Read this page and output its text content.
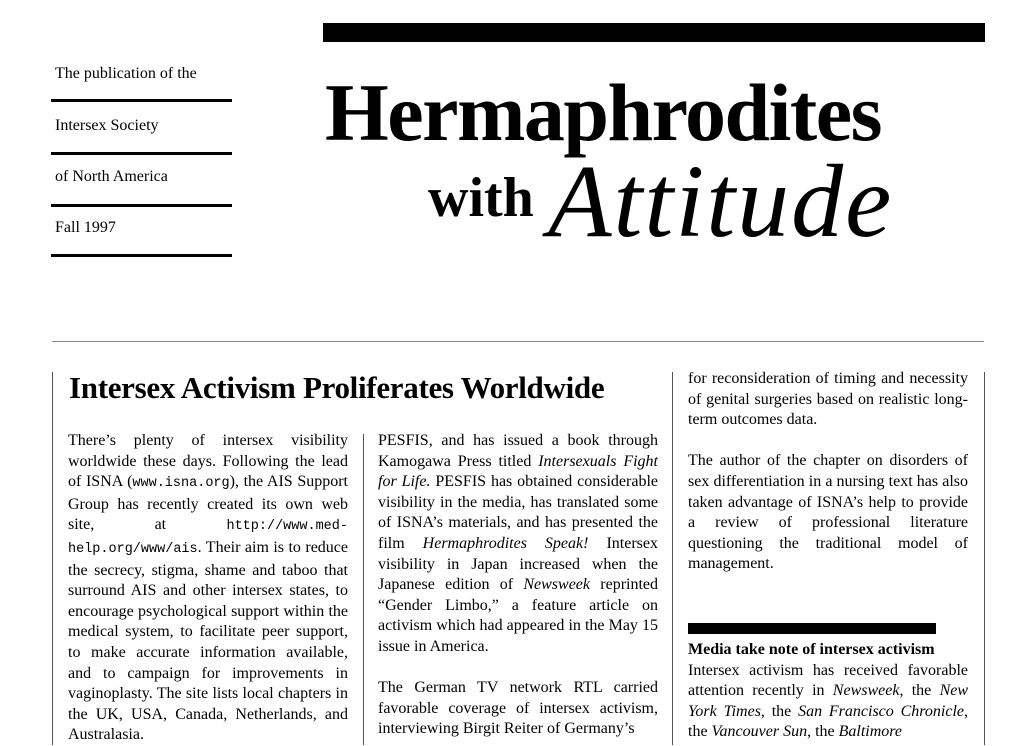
The publication of the
Intersex Society
of North America
Fall 1997
Hermaphrodites
with Attitude
Intersex Activism Proliferates Worldwide

There’s plenty of intersex visibility worldwide these days. Following the lead of ISNA (www.isna.org), the AIS Support Group has recently created its own web site, at http://www.med-help.org/www/ais. Their aim is to reduce the secrecy, stigma, shame and taboo that surround AIS and other intersex states, to encourage psychological support within the medical system, to facilitate peer support, to make accurate information available, and to campaign for improvements in vaginoplasty. The site lists local chapters in the UK, USA, Canada, Netherlands, and Australasia.

PESFIS, and has issued a book through Kamogawa Press titled Intersexuals Fight for Life. PESFIS has obtained considerable visibility in the media, has translated some of ISNA’s materials, and has presented the film Hermaphrodites Speak! Intersex visibility in Japan increased when the Japanese edition of Newsweek reprinted “Gender Limbo,” a feature article on activism which had appeared in the May 15 issue in America.

The German TV network RTL carried favorable coverage of intersex activism, interviewing Birgit Reiter of Germany’s

for reconsideration of timing and necessity of genital surgeries based on realistic long-term outcomes data.

The author of the chapter on disorders of sex differentiation in a nursing text has also taken advantage of ISNA’s help to provide a review of professional literature questioning the traditional model of management.

Media take note of intersex activism

Intersex activism has received favorable attention recently in Newsweek, the New York Times, the San Francisco Chronicle, the Vancouver Sun, the Baltimore
